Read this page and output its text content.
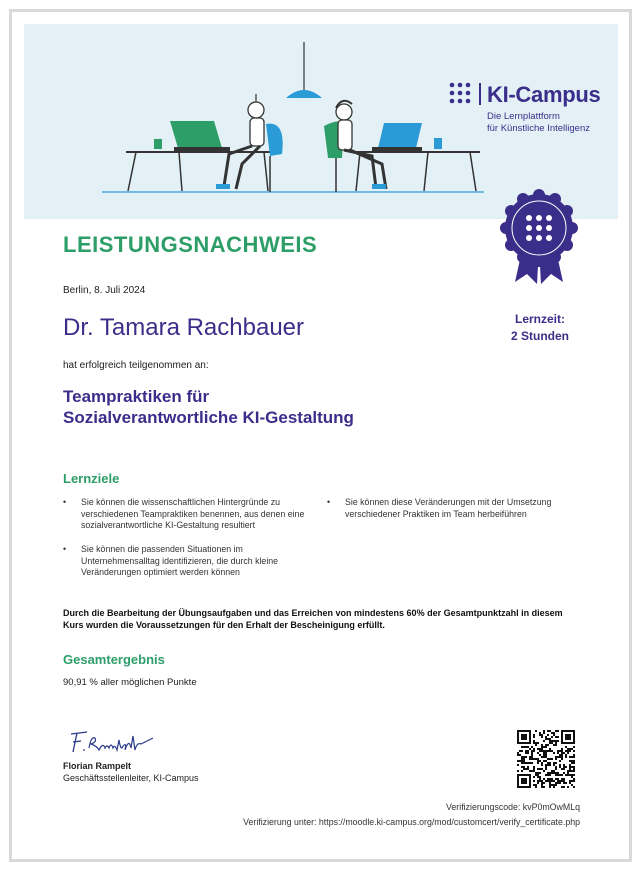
KI-Campus
Die Lernplattform
für Künstliche Intelligenz
LEISTUNGSNACHWEIS
Berlin, 8. Juli 2024
Dr. Tamara Rachbauer	Lernzeit:
2 Stunden
hat erfolgreich teilgenommen an:
Teampraktiken für
Sozialverantwortliche KI-Gestaltung
Lernziele
• Sie können die wissenschaftlichen Hintergründe zu verschiedenen Teampraktiken benennen, aus denen eine sozialverantwortliche KI-Gestaltung resultiert
• Sie können die passenden Situationen im Unternehmensalltag identifizieren, die durch kleine Veränderungen optimiert werden können
• Sie können diese Veränderungen mit der Umsetzung verschiedener Praktiken im Team herbeiführen
Durch die Bearbeitung der Übungsaufgaben und das Erreichen von mindestens 60% der Gesamtpunktzahl in diesem Kurs wurden die Voraussetzungen für den Erhalt der Bescheinigung erfüllt.
Gesamtergebnis
90,91 % aller möglichen Punkte
Florian Rampelt
Geschäftsstellenleiter, KI-Campus
Verifizierungscode: kvP0mOwMLq
Verifizierung unter: https://moodle.ki-campus.org/mod/customcert/verify_certificate.php
